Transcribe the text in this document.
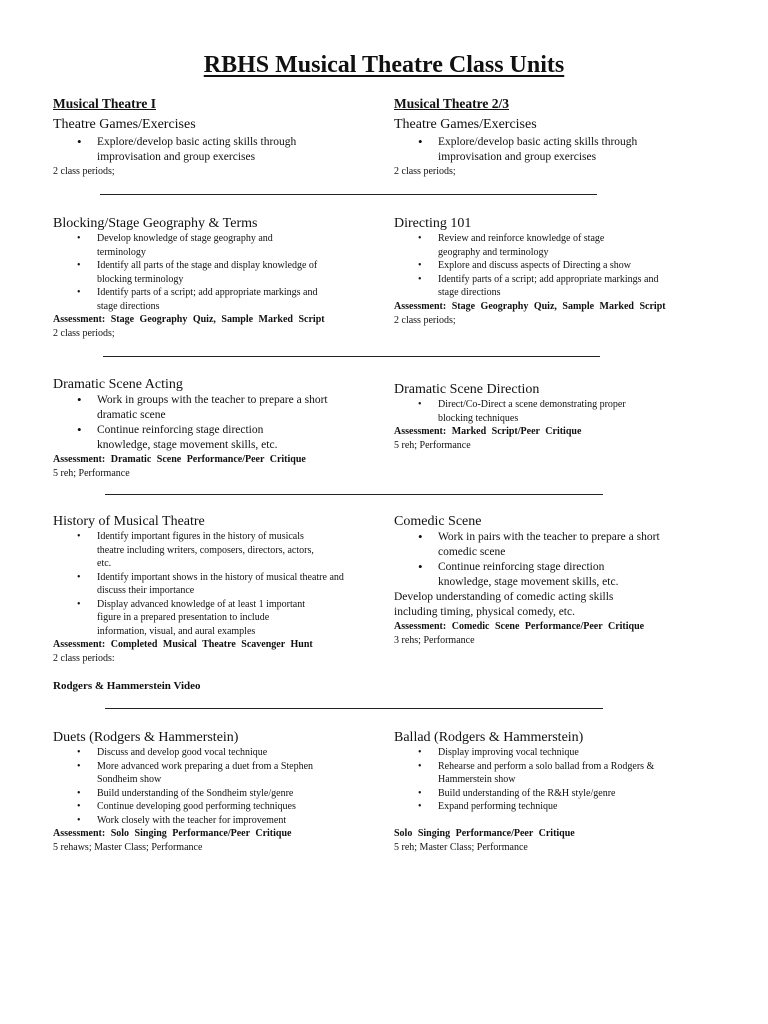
RBHS Musical Theatre Class Units
Musical Theatre I	Musical Theatre 2/3
Theatre Games/Exercises
• Explore/develop basic acting skills through improvisation and group exercises
2 class periods;
Theatre Games/Exercises
• Explore/develop basic acting skills through improvisation and group exercises
2 class periods;
Blocking/Stage Geography & Terms
• Develop knowledge of stage geography and terminology
• Identify all parts of the stage and display knowledge of blocking terminology
• Identify parts of a script; add appropriate markings and stage directions
Assessment: Stage Geography Quiz, Sample Marked Script
2 class periods;
Directing 101
• Review and reinforce knowledge of stage geography and terminology
• Explore and discuss aspects of Directing a show
• Identify parts of a script; add appropriate markings and stage directions
Assessment: Stage Geography Quiz, Sample Marked Script
2 class periods;
Dramatic Scene Acting
• Work in groups with the teacher to prepare a short dramatic scene
• Continue reinforcing stage direction knowledge, stage movement skills, etc.
Assessment: Dramatic Scene Performance/Peer Critique
5 reh; Performance
Dramatic Scene Direction
• Direct/Co-Direct a scene demonstrating proper blocking techniques
Assessment: Marked Script/Peer Critique
5 reh; Performance
History of Musical Theatre
• Identify important figures in the history of musicals theatre including writers, composers, directors, actors, etc.
• Identify important shows in the history of musical theatre and discuss their importance
• Display advanced knowledge of at least 1 important figure in a prepared presentation to include information, visual, and aural examples
Assessment: Completed Musical Theatre Scavenger Hunt
2 class periods:
Rodgers & Hammerstein Video
Comedic Scene
• Work in pairs with the teacher to prepare a short comedic scene
• Continue reinforcing stage direction knowledge, stage movement skills, etc.
Develop understanding of comedic acting skills including timing, physical comedy, etc.
Assessment: Comedic Scene Performance/Peer Critique
3 rehs; Performance
Duets (Rodgers & Hammerstein)
• Discuss and develop good vocal technique
• More advanced work preparing a duet from a Stephen Sondheim show
• Build understanding of the Sondheim style/genre
• Continue developing good performing techniques
• Work closely with the teacher for improvement
Assessment: Solo Singing Performance/Peer Critique
5 rehaws; Master Class; Performance
Ballad (Rodgers & Hammerstein)
• Display improving vocal technique
• Rehearse and perform a solo ballad from a Rodgers & Hammerstein show
• Build understanding of the R&H style/genre
• Expand performing technique
Solo Singing Performance/Peer Critique
5 reh; Master Class; Performance
